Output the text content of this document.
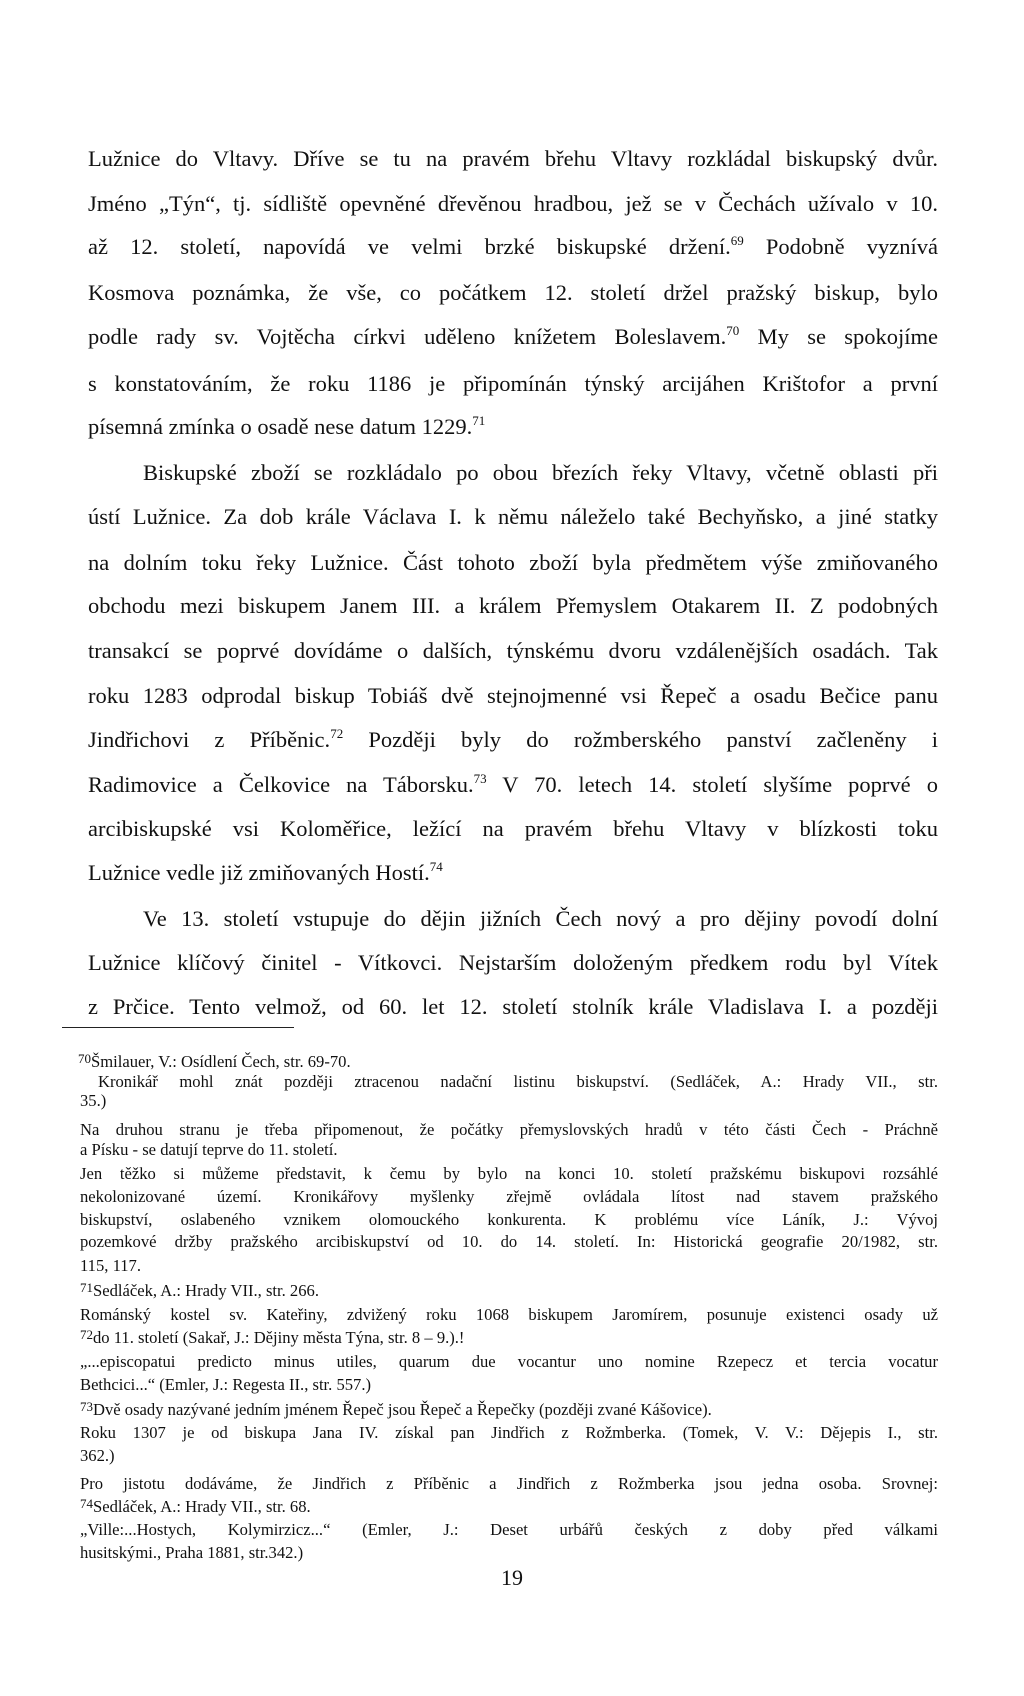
Lužnice do Vltavy. Dříve se tu na pravém břehu Vltavy rozkládal biskupský dvůr.
Jméno „Týn“, tj. sídliště opevněné dřevěnou hradbou, jež se v Čechách užívalo v 10.
až 12. století, napovídá ve velmi brzké biskupské držení.$^{69}$ Podobně vyznívá
Kosmova poznámka, že vše, co počátkem 12. století držel pražský biskup, bylo
podle rady sv. Vojtěcha církvi uděleno knížetem Boleslavem.$^{70}$ My se spokojíme
s konstatováním, že roku 1186 je připomínán týnský arcijáhen Krištofor a první
písemná zmínka o osadě nese datum 1229.71
Biskupské zboží se rozkládalo po obou březích řeky Vltavy, včetně oblasti při
ústí Lužnice. Za dob krále Václava I. k němu náleželo také Bechyňsko, a jiné statky
na dolním toku řeky Lužnice. Část tohoto zboží byla předmětem výše zmiňovaného
obchodu mezi biskupem Janem III. a králem Přemyslem Otakarem II. Z podobných
transakcí se poprvé dovídáme o dalších, týnskému dvoru vzdálenějších osadách. Tak
roku 1283 odprodal biskup Tobiáš dvě stejnojmenné vsi Řepeč a osadu Bečice panu
Jindřichovi z Příběnic.$^{72}$ Později byly do rožmberského panství začleněny i
Radimovice a Čelkovice na Táborsku.$^{73}$ V 70. letech 14. století slyšíme poprvé o
arcibiskupské vsi Koloměřice, ležící na pravém břehu Vltavy v blízkosti toku
Lužnice vedle již zmiňovaných Hostí.$^{74}$
Ve 13. století vstupuje do dějin jižních Čech nový a pro dějiny povodí dolní
Lužnice klíčový činitel - Vítkovci. Nejstarším doloženým předkem rodu byl Vítek
z Prčice. Tento velmož, od 60. let 12. století stolník krále Vladislava I. a později
$^{70}$Šmilauer, V.: Osídlení Čech, str. 69-70.
Kronikář mohl znát později ztracenou nadační listinu biskupství. (Sedláček, A.: Hrady VII., str.
35.)
Na druhou stranu je třeba připomenout, že počátky přemyslovských hradů v této části Čech - Práchně
a Písku - se datují teprve do 11. století.
Jen těžko si můžeme představit, k čemu by bylo na konci 10. století pražskému biskupovi rozsáhlé
nekolonizované území. Kronikářovy myšlenky zřejmě ovládala lítost nad stavem pražského
biskupství, oslabeného vznikem olomouckého konkurenta. K problému více Láník, J.: Vývoj
pozemkové držby pražského arcibiskupství od 10. do 14. století. In: Historická geografie 20/1982, str.
115, 117.
$^{71}$Sedláček, A.: Hrady VII., str. 266.
Románský kostel sv. Kateřiny, zdvižený roku 1068 biskupem Jaromírem, posunuje existenci osady už
$^{72}$do 11. století (Sakař, J.: Dějiny města Týna, str. 8 – 9.).!
„...episcopatui predicto minus utiles, quarum due vocantur uno nomine Rzepecz et tercia vocatur
Bethcici...“ (Emler, J.: Regesta II., str. 557.)
$^{73}$Dvě osady nazývané jedním jménem Řepeč jsou Řepeč a Řepečky (později zvané Kášovice).
Roku 1307 je od biskupa Jana IV. získal pan Jindřich z Rožmberka. (Tomek, V. V.: Dějepis I., str.
362.)
Pro jistotu dodáváme, že Jindřich z Příběnic a Jindřich z Rožmberka jsou jedna osoba. Srovnej:
$^{74}$Sedláček, A.: Hrady VII., str. 68.
„Ville:...Hostych, Kolymirzicz...“ (Emler, J.: Deset urbářů českých z doby před válkami
husitskými., Praha 1881, str.342.)
19
